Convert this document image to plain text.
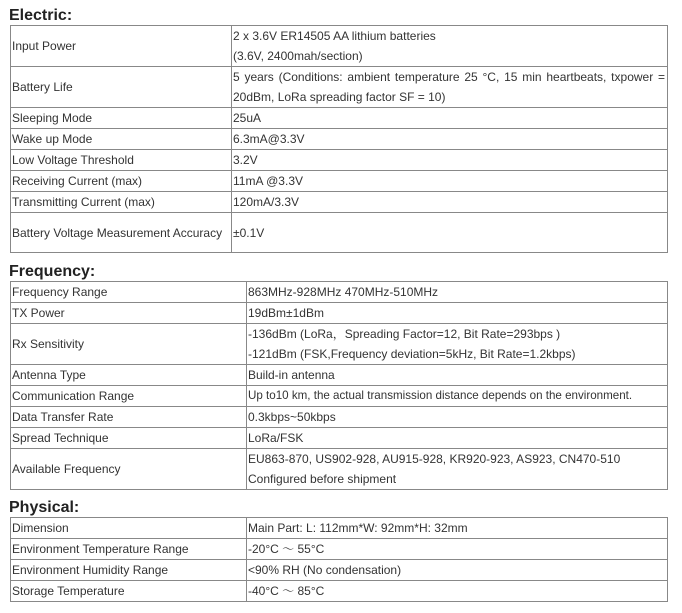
Electric:
Input Power	2 x 3.6V ER14505 AA lithium batteries
(3.6V, 2400mah/section)

Battery Life	5 years (Conditions: ambient temperature 25 °C, 15 min heartbeats, txpower = 20dBm, LoRa spreading factor SF = 10)
Sleeping Mode	25uA
Wake up Mode	6.3mA@3.3V
Low Voltage Threshold	3.2V
Receiving Current (max)	11mA @3.3V
Transmitting Current (max)	120mA/3.3V
Battery Voltage Measurement Accuracy	±0.1V
Frequency:
Frequency Range	863MHz-928MHz 470MHz-510MHz
TX Power	19dBm±1dBm
Rx Sensitivity	-136dBm (LoRa，Spreading Factor=12, Bit Rate=293bps )
-121dBm (FSK,Frequency deviation=5kHz, Bit Rate=1.2kbps)

Antenna Type	Build-in antenna
Communication Range	Up to10 km, the actual transmission distance depends on the environment.
Data Transfer Rate	0.3kbps~50kbps
Spread Technique	LoRa/FSK
Available Frequency	EU863-870, US902-928, AU915-928, KR920-923, AS923, CN470-510
Configured before shipment
Physical:
Dimension	Main Part: L: 112mm*W: 92mm*H: 32mm
Environment Temperature Range	-20°C ～ 55°C
Environment Humidity Range	<90% RH (No condensation)
Storage Temperature	-40°C ～ 85°C
